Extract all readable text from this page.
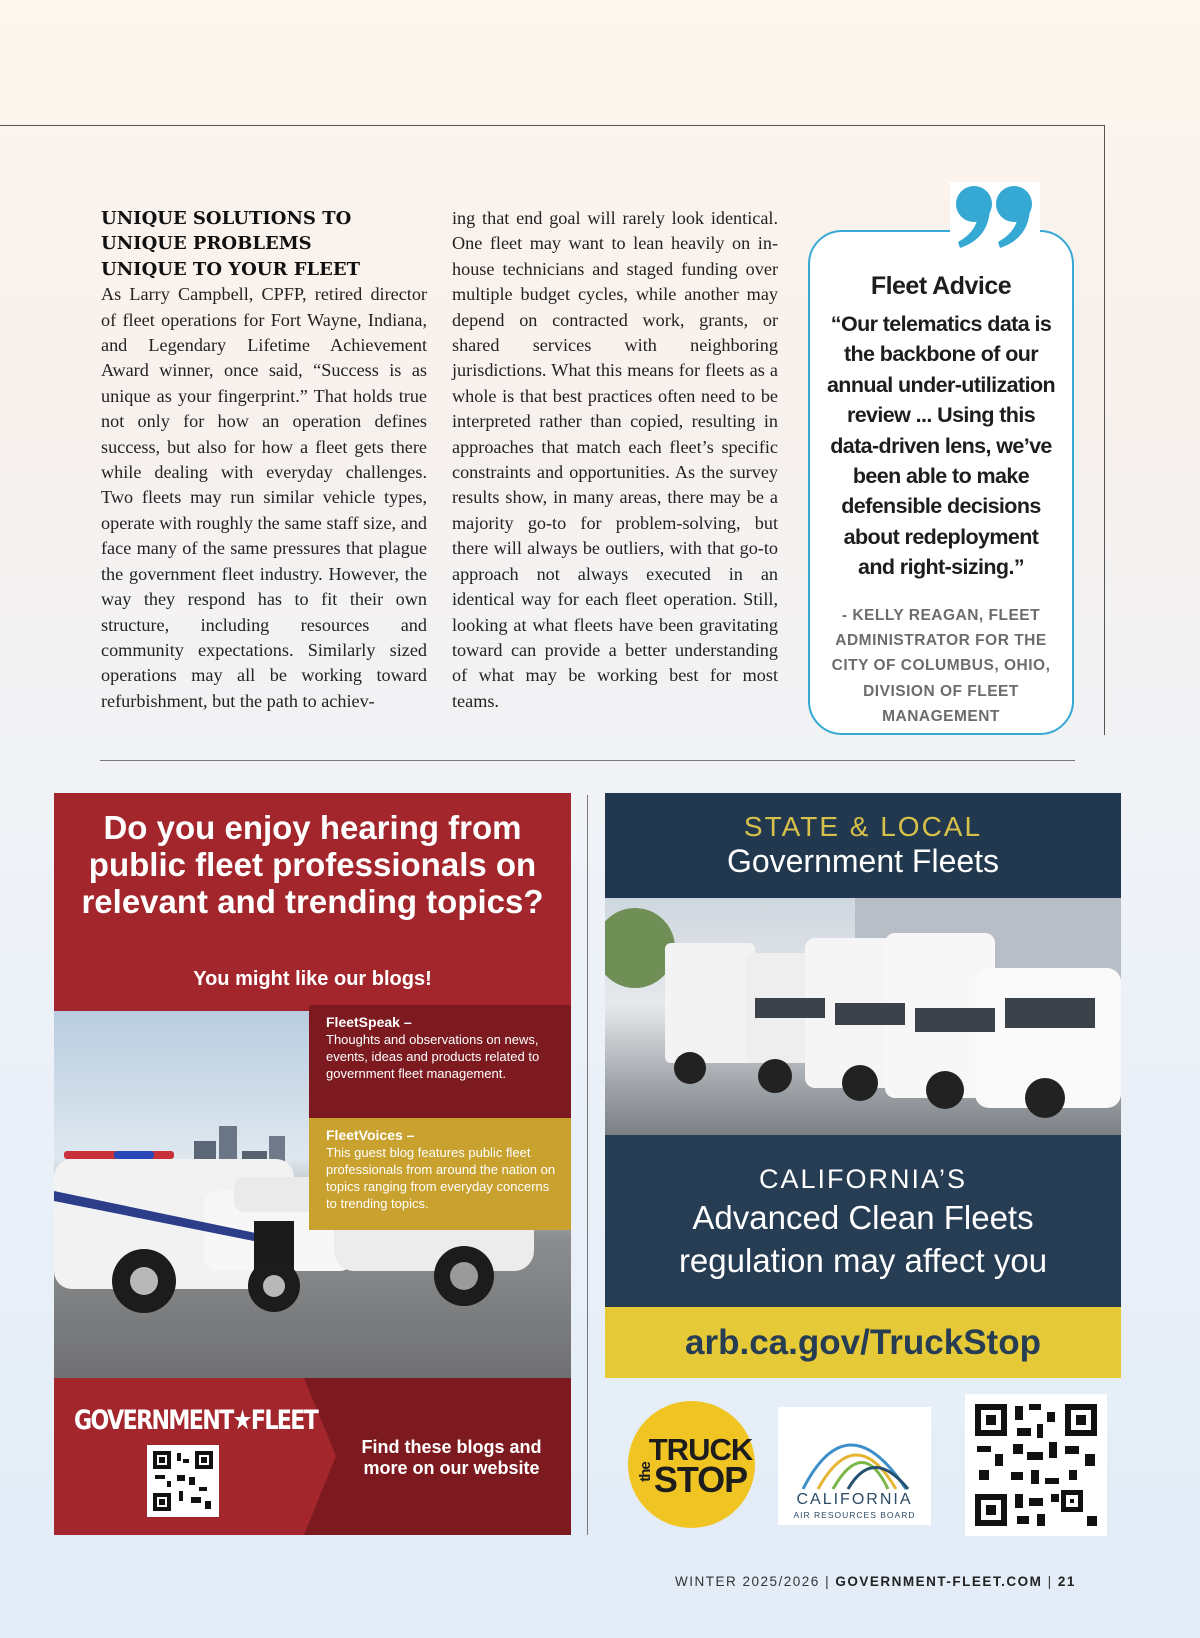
UNIQUE SOLUTIONS TO
UNIQUE PROBLEMS
UNIQUE TO YOUR FLEET

As Larry Campbell, CPFP, retired director of fleet operations for Fort Wayne, Indiana, and Legendary Lifetime Achievement Award winner, once said, “Success is as unique as your fingerprint.” That holds true not only for how an operation defines success, but also for how a fleet gets there while dealing with everyday challenges. Two fleets may run similar vehicle types, operate with roughly the same staff size, and face many of the same pressures that plague the government fleet industry. However, the way they respond has to fit their own structure, including resources and community expectations. Similarly sized operations may all be working toward refurbishment, but the path to achiev-

ing that end goal will rarely look identical. One fleet may want to lean heavily on in-house technicians and staged funding over multiple budget cycles, while another may depend on contracted work, grants, or shared services with neighboring jurisdictions. What this means for fleets as a whole is that best practices often need to be interpreted rather than copied, resulting in approaches that match each fleet’s specific constraints and opportunities. As the survey results show, in many areas, there may be a majority go-to for problem-solving, but there will always be outliers, with that go-to approach not always executed in an identical way for each fleet operation. Still, looking at what fleets have been gravitating toward can provide a better understanding of what may be working best for most teams.

Fleet Advice
“Our telematics data is the backbone of our annual under-utilization review ... Using this data-driven lens, we’ve been able to make defensible decisions about redeployment and right-sizing.”
- KELLY REAGAN, FLEET ADMINISTRATOR FOR THE CITY OF COLUMBUS, OHIO, DIVISION OF FLEET MANAGEMENT
Do you enjoy hearing from public fleet professionals on relevant and trending topics?
You might like our blogs!
FleetSpeak –
Thoughts and observations on news, events, ideas and products related to government fleet management.
FleetVoices –
This guest blog features public fleet professionals from around the nation on topics ranging from everyday concerns to trending topics.
GOVERNMENT★FLEET
Find these blogs and more on our website
STATE & LOCAL
Government Fleets
CALIFORNIA’S
Advanced Clean Fleets
regulation may affect you
arb.ca.gov/TruckStop
the
TRUCK
STOP	CALIFORNIA
AIR RESOURCES BOARD
WINTER 2025/2026 | GOVERNMENT-FLEET.COM | 21
